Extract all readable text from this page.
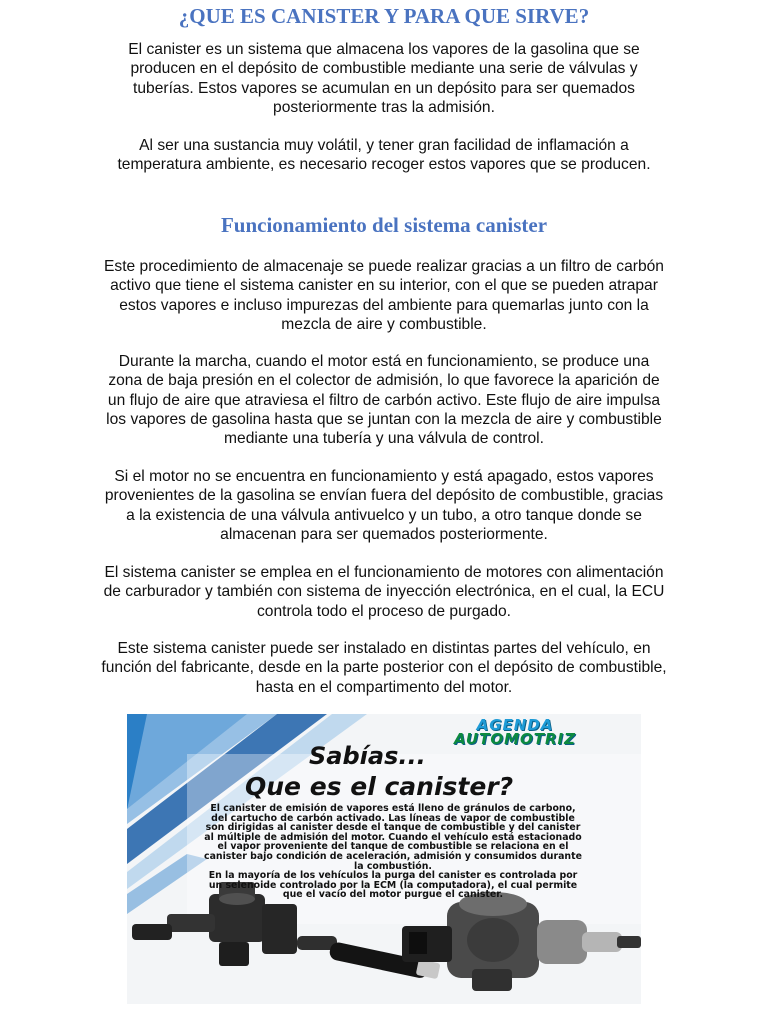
¿QUE ES CANISTER Y PARA QUE SIRVE?

El canister es un sistema que almacena los vapores de la gasolina que se producen en el depósito de combustible mediante una serie de válvulas y tuberías. Estos vapores se acumulan en un depósito para ser quemados posteriormente tras la admisión.

Al ser una sustancia muy volátil, y tener gran facilidad de inflamación a temperatura ambiente, es necesario recoger estos vapores que se producen.

Funcionamiento del sistema canister

Este procedimiento de almacenaje se puede realizar gracias a un filtro de carbón activo que tiene el sistema canister en su interior, con el que se pueden atrapar estos vapores e incluso impurezas del ambiente para quemarlas junto con la mezcla de aire y combustible.

Durante la marcha, cuando el motor está en funcionamiento, se produce una zona de baja presión en el colector de admisión, lo que favorece la aparición de un flujo de aire que atraviesa el filtro de carbón activo. Este flujo de aire impulsa los vapores de gasolina hasta que se juntan con la mezcla de aire y combustible mediante una tubería y una válvula de control.

Si el motor no se encuentra en funcionamiento y está apagado, estos vapores provenientes de la gasolina se envían fuera del depósito de combustible, gracias a la existencia de una válvula antivuelco y un tubo, a otro tanque donde se almacenan para ser quemados posteriormente.

El sistema canister se emplea en el funcionamiento de motores con alimentación de carburador y también con sistema de inyección electrónica, en el cual, la ECU controla todo el proceso de purgado.

Este sistema canister puede ser instalado en distintas partes del vehículo, en función del fabricante, desde en la parte posterior con el depósito de combustible, hasta en el compartimento del motor.

AGENDA
AUTOMOTRIZ

Sabías...

Que es el canister?

El canister de emisión de vapores está lleno de gránulos de carbono, del cartucho de carbón activado. Las líneas de vapor de combustible son dirigidas al canister desde el tanque de combustible y del canister al múltiple de admisión del motor. Cuando el vehículo está estacionado el vapor proveniente del tanque de combustible se relaciona en el canister bajo condición de aceleración, admisión y consumidos durante la combustión.

En la mayoría de los vehículos la purga del canister es controlada por un selenoide controlado por la ECM (la computadora), el cual permite que el vacío del motor purgue el canister.
